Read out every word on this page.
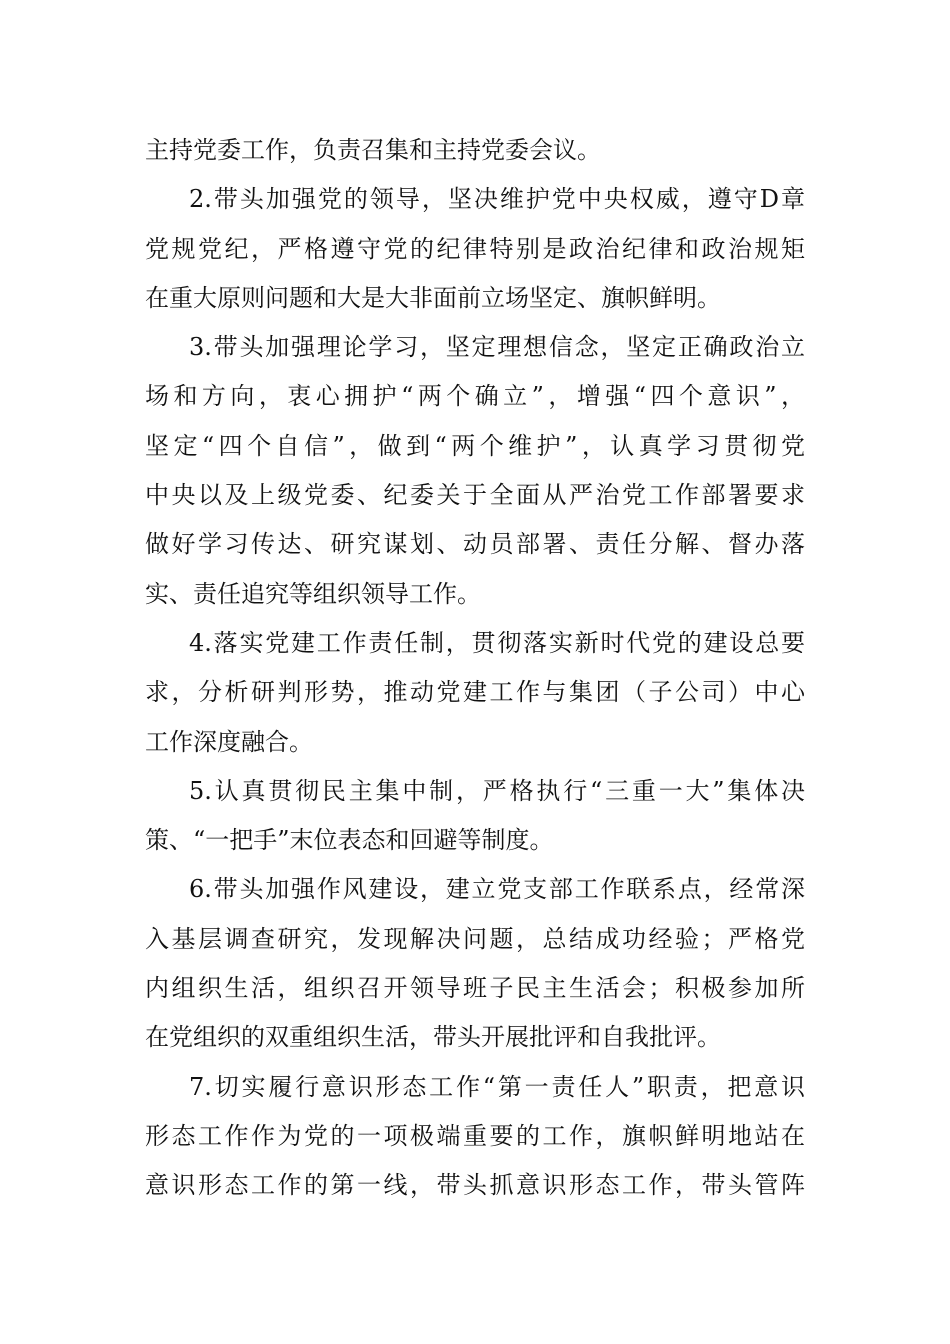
主持党委工作，负责召集和主持党委会议。
2.带头加强党的领导，坚决维护党中央权威，遵守D章
党规党纪，严格遵守党的纪律特别是政治纪律和政治规矩
在重大原则问题和大是大非面前立场坚定、旗帜鲜明。
3.带头加强理论学习，坚定理想信念，坚定正确政治立
场和方向，衷心拥护“两个确立”，增强“四个意识”，
坚定“四个自信”，做到“两个维护”，认真学习贯彻党
中央以及上级党委、纪委关于全面从严治党工作部署要求
做好学习传达、研究谋划、动员部署、责任分解、督办落
实、责任追究等组织领导工作。
4.落实党建工作责任制，贯彻落实新时代党的建设总要
求，分析研判形势，推动党建工作与集团（子公司）中心
工作深度融合。
5.认真贯彻民主集中制，严格执行“三重一大”集体决
策、“一把手”末位表态和回避等制度。
6.带头加强作风建设，建立党支部工作联系点，经常深
入基层调查研究，发现解决问题，总结成功经验；严格党
内组织生活，组织召开领导班子民主生活会；积极参加所
在党组织的双重组织生活，带头开展批评和自我批评。
7.切实履行意识形态工作“第一责任人”职责，把意识
形态工作作为党的一项极端重要的工作，旗帜鲜明地站在
意识形态工作的第一线，带头抓意识形态工作，带头管阵
